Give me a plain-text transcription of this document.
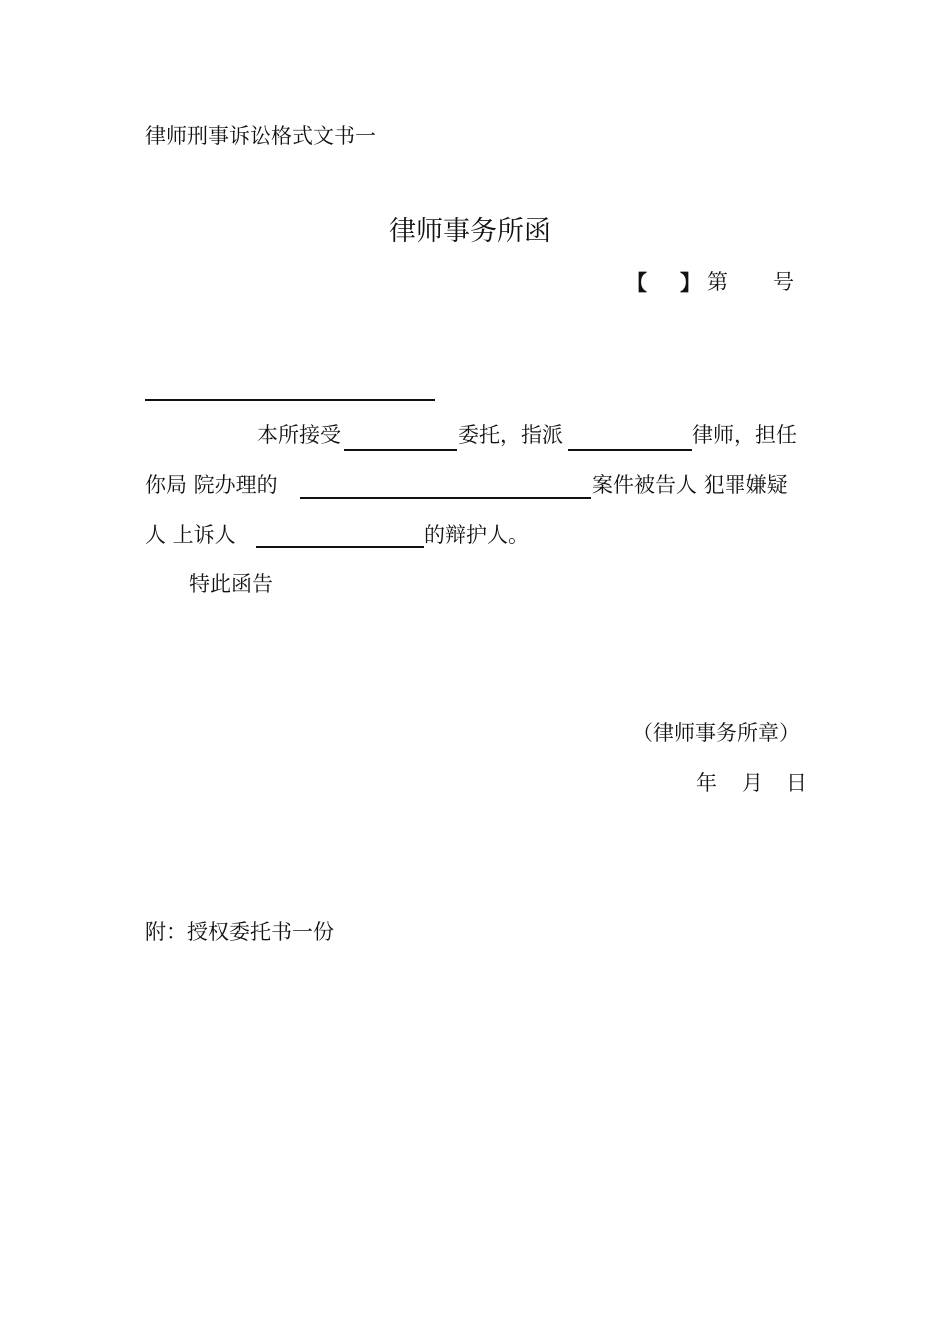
律师刑事诉讼格式文书一
律师事务所函
【 】 第 号
本所接受	委托，指派	律师，担任
你局 院办理的	案件被告人 犯罪嫌疑
人 上诉人	的辩护人。
特此函告
（律师事务所章）
年 月 日
附：授权委托书一份
